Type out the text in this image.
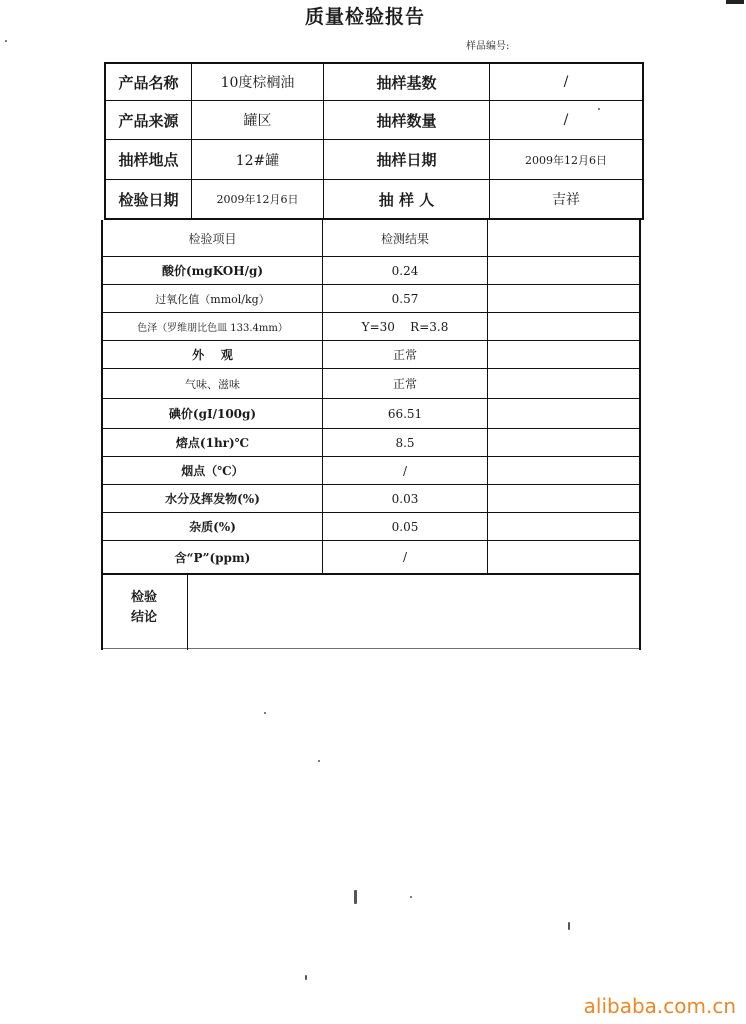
质量检验报告
样品编号:
产品名称	10度棕榈油	抽样基数	/
产品来源	罐区	抽样数量	/
抽样地点	12#罐	抽样日期	2009年12月6日
检验日期	2009年12月6日	抽 样 人	吉祥
检验项目	检测结果
酸价(mgKOH/g)	0.24
过氧化值（mmol/kg）	0.57
色泽（罗维朋比色皿 133.4mm）	Y=30    R=3.8
外    观	正常
气味、滋味	正常
碘价(gI/100g)	66.51
熔点(1hr)℃	8.5
烟点（℃）	/
水分及挥发物(%)	0.03
杂质(%)	0.05
含“P”(ppm)	/
检验
结论
alibaba.com.cn
